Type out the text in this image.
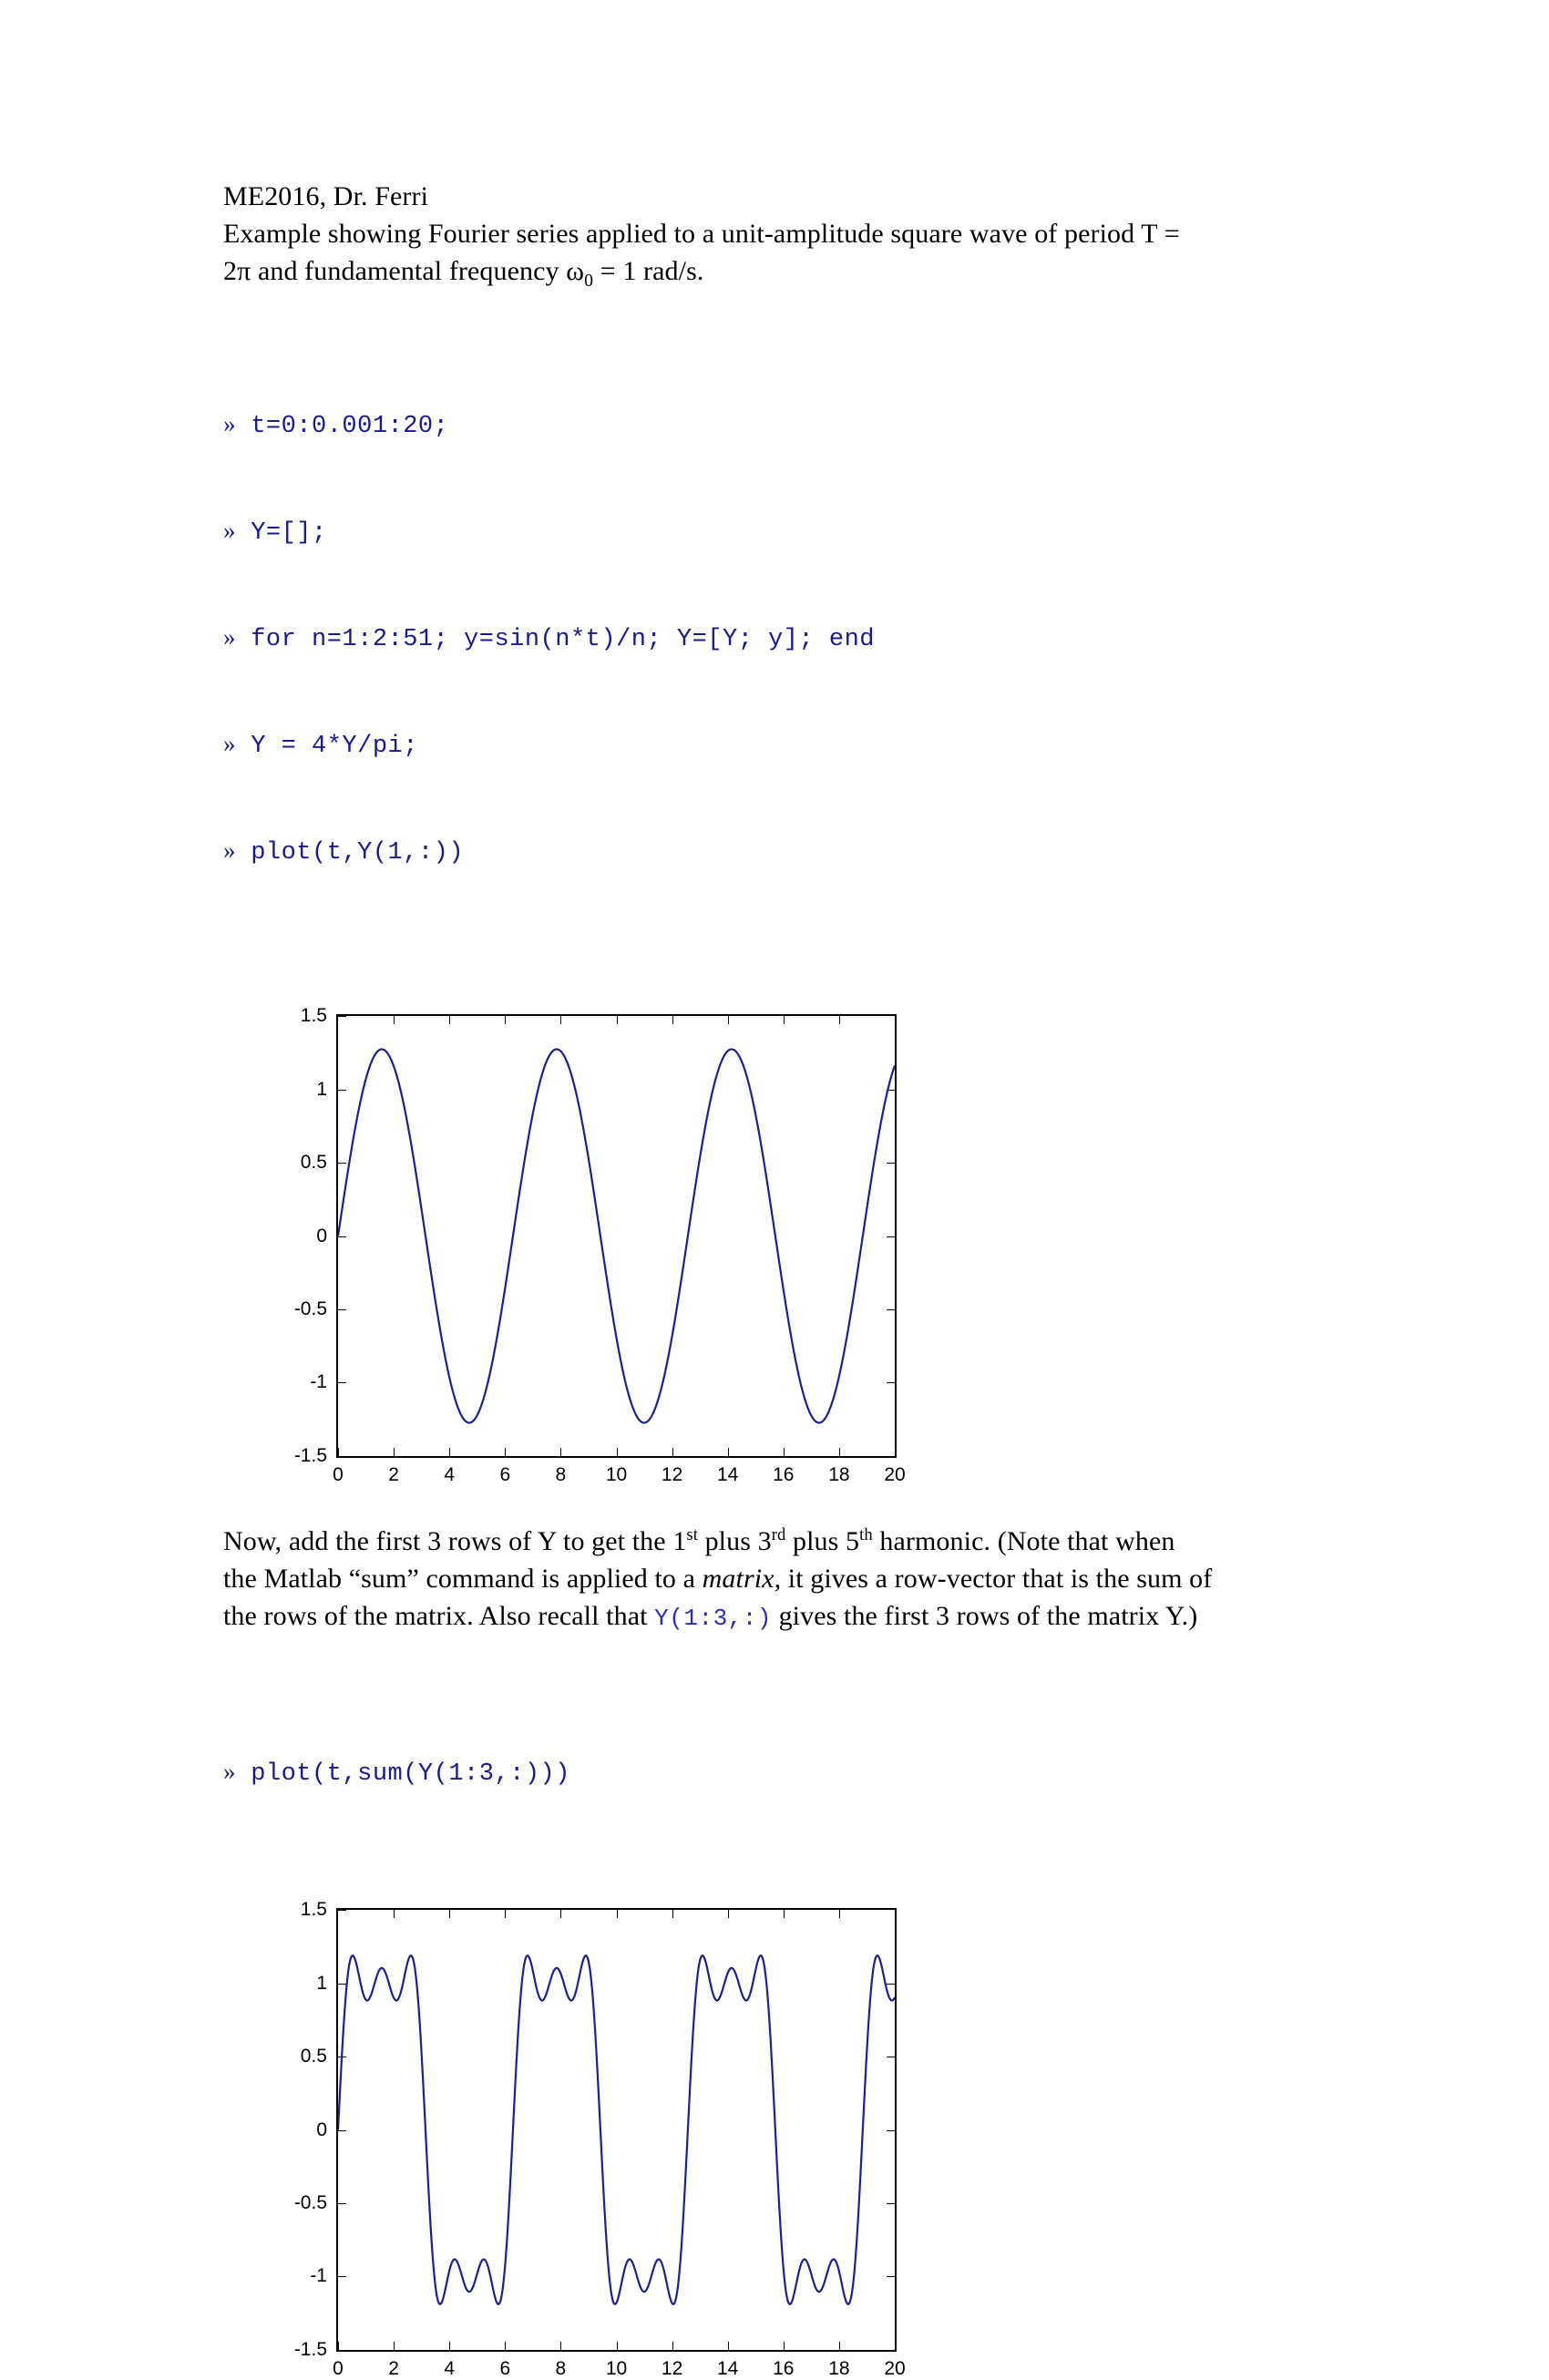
ME2016, Dr. Ferri
Example showing Fourier series applied to a unit-amplitude square wave of period T =
2π and fundamental frequency $\omega_0 = 1$ rad/s.

» t=0:0.001:20;

» Y=[];

» for n=1:2:51; y=sin(n*t)/n; Y=[Y; y]; end

» Y = 4*Y/pi;

» plot(t,Y(1,:))

1.5
1
0.5
0
-0.5
-1
-1.5
0 2 4 6 8 10 12 14 16 18 20
Now, add the first 3 rows of Y to get the 1st plus 3rd plus 5th harmonic. (Note that when
the Matlab “sum” command is applied to a matrix, it gives a row-vector that is the sum of
the rows of the matrix. Also recall that Y(1:3,:) gives the first 3 rows of the matrix Y.)

» plot(t,sum(Y(1:3,:)))

1.5
1
0.5
0
-0.5
-1
-1.5
0 2 4 6 8 10 12 14 16 18 20
